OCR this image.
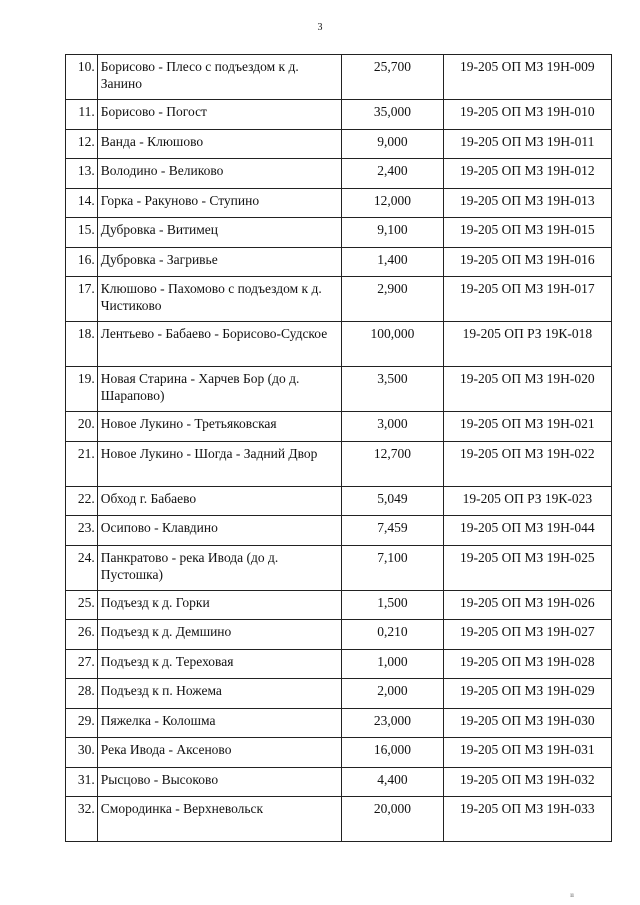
3
10.	Борисово - Плесо с подъездом к д. Занино	25,700	19-205 ОП МЗ 19Н-009
11.	Борисово - Погост	35,000	19-205 ОП МЗ 19Н-010
12.	Ванда - Клюшово	9,000	19-205 ОП МЗ 19Н-011
13.	Володино - Великово	2,400	19-205 ОП МЗ 19Н-012
14.	Горка - Ракуново - Ступино	12,000	19-205 ОП МЗ 19Н-013
15.	Дубровка - Витимец	9,100	19-205 ОП МЗ 19Н-015
16.	Дубровка - Загривье	1,400	19-205 ОП МЗ 19Н-016
17.	Клюшово - Пахомово с подъездом к д. Чистиково	2,900	19-205 ОП МЗ 19Н-017
18.	Лентьево - Бабаево - Борисово-Судское	100,000	19-205 ОП РЗ 19К-018
19.	Новая Старина - Харчев Бор (до д. Шарапово)	3,500	19-205 ОП МЗ 19Н-020
20.	Новое Лукино - Третьяковская	3,000	19-205 ОП МЗ 19Н-021
21.	Новое Лукино - Шогда - Задний Двор	12,700	19-205 ОП МЗ 19Н-022
22.	Обход г. Бабаево	5,049	19-205 ОП РЗ 19К-023
23.	Осипово - Клавдино	7,459	19-205 ОП МЗ 19Н-044
24.	Панкратово - река Ивода (до д. Пустошка)	7,100	19-205 ОП МЗ 19Н-025
25.	Подъезд к д. Горки	1,500	19-205 ОП МЗ 19Н-026
26.	Подъезд к д. Демшино	0,210	19-205 ОП МЗ 19Н-027
27.	Подъезд к д. Тереховая	1,000	19-205 ОП МЗ 19Н-028
28.	Подъезд к п. Ножема	2,000	19-205 ОП МЗ 19Н-029
29.	Пяжелка - Колошма	23,000	19-205 ОП МЗ 19Н-030
30.	Река Ивода - Аксеново	16,000	19-205 ОП МЗ 19Н-031
31.	Рысцово - Высоково	4,400	19-205 ОП МЗ 19Н-032
32.	Смородинка - Верхневольск	20,000	19-205 ОП МЗ 19Н-033
ıı
